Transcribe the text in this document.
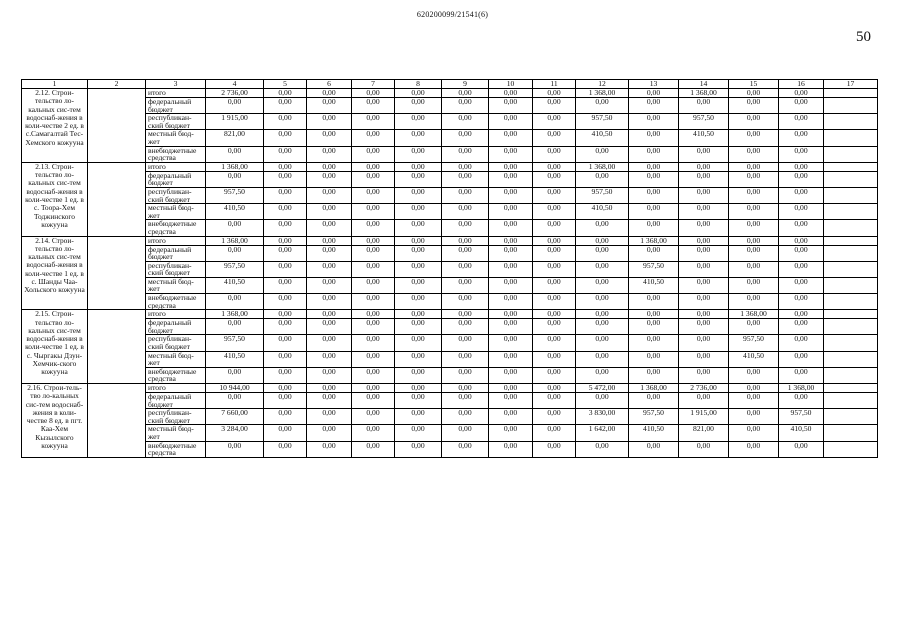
620200099/21541(6)
50
1	2	3	4	5	6	7	8	9	10	11	12	13	14	15	16	17
2.12. Строи-тельство ло-кальных сис-тем водоснаб-жения в коли-честве 2 ед. в с.Самагалтай Тес-Хемского кожууна		итого	2 736,00	0,00	0,00	0,00	0,00	0,00	0,00	0,00	1 368,00	0,00	1 368,00	0,00	0,00	
		федеральный бюджет	0,00	0,00	0,00	0,00	0,00	0,00	0,00	0,00	0,00	0,00	0,00	0,00	0,00	
		республикан-ский бюджет	1 915,00	0,00	0,00	0,00	0,00	0,00	0,00	0,00	957,50	0,00	957,50	0,00	0,00	
		местный бюд-жет	821,00	0,00	0,00	0,00	0,00	0,00	0,00	0,00	410,50	0,00	410,50	0,00	0,00	
		внебюджетные средства	0,00	0,00	0,00	0,00	0,00	0,00	0,00	0,00	0,00	0,00	0,00	0,00	0,00	
2.13. Строи-тельство ло-кальных сис-тем водоснаб-жения в коли-честве 1 ед. в с. Тоора-Хем Тоджинского кожууна		итого	1 368,00	0,00	0,00	0,00	0,00	0,00	0,00	0,00	1 368,00	0,00	0,00	0,00	0,00	
		федеральный бюджет	0,00	0,00	0,00	0,00	0,00	0,00	0,00	0,00	0,00	0,00	0,00	0,00	0,00	
		республикан-ский бюджет	957,50	0,00	0,00	0,00	0,00	0,00	0,00	0,00	957,50	0,00	0,00	0,00	0,00	
		местный бюд-жет	410,50	0,00	0,00	0,00	0,00	0,00	0,00	0,00	410,50	0,00	0,00	0,00	0,00	
		внебюджетные средства	0,00	0,00	0,00	0,00	0,00	0,00	0,00	0,00	0,00	0,00	0,00	0,00	0,00	
2.14. Строи-тельство ло-кальных сис-тем водоснаб-жения в коли-честве 1 ед. в с. Шанды Чаа-Хольского кожууна		итого	1 368,00	0,00	0,00	0,00	0,00	0,00	0,00	0,00	0,00	1 368,00	0,00	0,00	0,00	
		федеральный бюджет	0,00	0,00	0,00	0,00	0,00	0,00	0,00	0,00	0,00	0,00	0,00	0,00	0,00	
		республикан-ский бюджет	957,50	0,00	0,00	0,00	0,00	0,00	0,00	0,00	0,00	957,50	0,00	0,00	0,00	
		местный бюд-жет	410,50	0,00	0,00	0,00	0,00	0,00	0,00	0,00	0,00	410,50	0,00	0,00	0,00	
		внебюджетные средства	0,00	0,00	0,00	0,00	0,00	0,00	0,00	0,00	0,00	0,00	0,00	0,00	0,00	
2.15. Строи-тельство ло-кальных сис-тем водоснаб-жения в коли-честве 1 ед. в с. Чыргакы Дзун-Хемчик-ского кожууна		итого	1 368,00	0,00	0,00	0,00	0,00	0,00	0,00	0,00	0,00	0,00	0,00	1 368,00	0,00	
		федеральный бюджет	0,00	0,00	0,00	0,00	0,00	0,00	0,00	0,00	0,00	0,00	0,00	0,00	0,00	
		республикан-ский бюджет	957,50	0,00	0,00	0,00	0,00	0,00	0,00	0,00	0,00	0,00	0,00	957,50	0,00	
		местный бюд-жет	410,50	0,00	0,00	0,00	0,00	0,00	0,00	0,00	0,00	0,00	0,00	410,50	0,00	
		внебюджетные средства	0,00	0,00	0,00	0,00	0,00	0,00	0,00	0,00	0,00	0,00	0,00	0,00	0,00	
2.16. Строи-тель-тво ло-кальных сис-тем водоснаб-жения в коли-честве 8 ед. в пгт. Каа-Хем Кызылского кожууна		итого	10 944,00	0,00	0,00	0,00	0,00	0,00	0,00	0,00	5 472,00	1 368,00	2 736,00	0,00	1 368,00	
		федеральный бюджет	0,00	0,00	0,00	0,00	0,00	0,00	0,00	0,00	0,00	0,00	0,00	0,00	0,00	
		республикан-ский бюджет	7 660,00	0,00	0,00	0,00	0,00	0,00	0,00	0,00	3 830,00	957,50	1 915,00	0,00	957,50	
		местный бюд-жет	3 284,00	0,00	0,00	0,00	0,00	0,00	0,00	0,00	1 642,00	410,50	821,00	0,00	410,50	
		внебюджетные средства	0,00	0,00	0,00	0,00	0,00	0,00	0,00	0,00	0,00	0,00	0,00	0,00	0,00	
